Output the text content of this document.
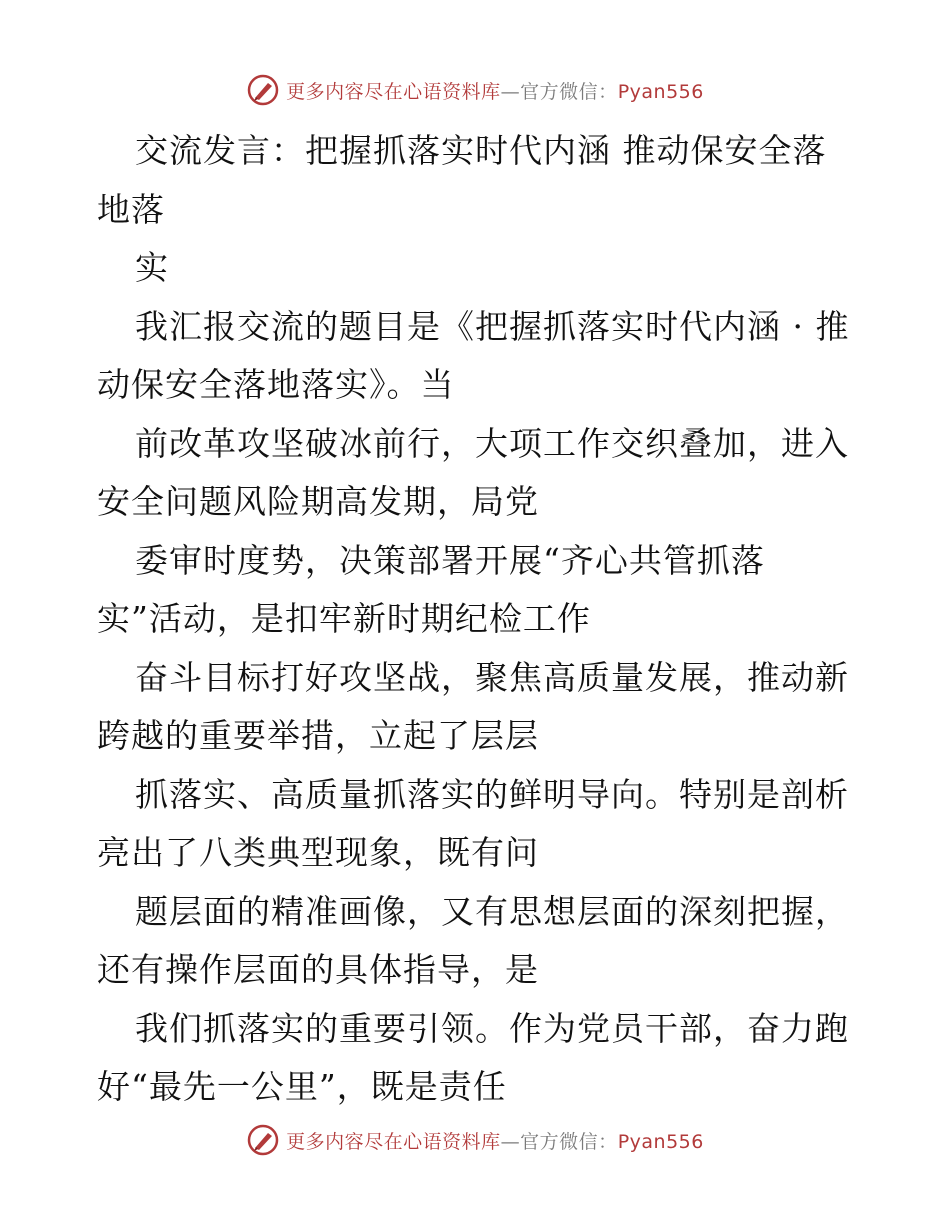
更多内容尽在心语资料库—官方微信：Pyan556
交流发言：把握抓落实时代内涵 推动保安全落
地落
实
我汇报交流的题目是《把握抓落实时代内涵 · 推
动保安全落地落实》。当
前改革攻坚破冰前行，大项工作交织叠加，进入
安全问题风险期高发期，局党
委审时度势，决策部署开展“齐心共管抓落
实”活动，是扣牢新时期纪检工作
奋斗目标打好攻坚战，聚焦高质量发展，推动新
跨越的重要举措，立起了层层
抓落实、高质量抓落实的鲜明导向。特别是剖析
亮出了八类典型现象，既有问
题层面的精准画像，又有思想层面的深刻把握，
还有操作层面的具体指导，是
我们抓落实的重要引领。作为党员干部，奋力跑
好“最先一公里”，既是责任
更多内容尽在心语资料库—官方微信：Pyan556
